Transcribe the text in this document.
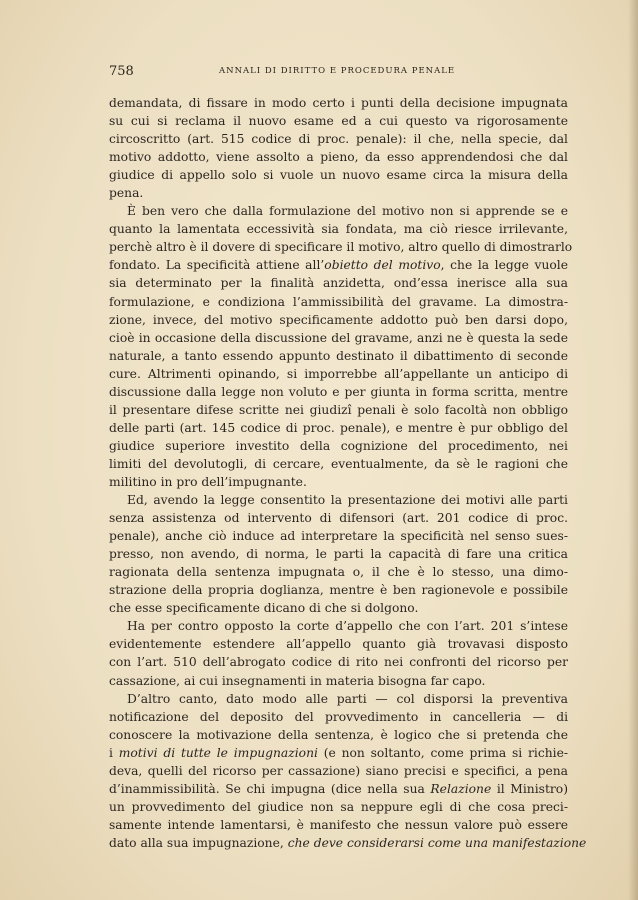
758	ANNALI DI DIRITTO E PROCEDURA PENALE
demandata, di fissare in modo certo i punti della decisione impugnata
su cui si reclama il nuovo esame ed a cui questo va rigorosamente
circoscritto (art. 515 codice di proc. penale): il che, nella specie, dal
motivo addotto, viene assolto a pieno, da esso apprendendosi che dal
giudice di appello solo si vuole un nuovo esame circa la misura della
pena.
È ben vero che dalla formulazione del motivo non si apprende se e
quanto la lamentata eccessività sia fondata, ma ciò riesce irrilevante,
perchè altro è il dovere di specificare il motivo, altro quello di dimostrarlo
fondato. La specificità attiene all’obietto del motivo, che la legge vuole
sia determinato per la finalità anzidetta, ond’essa inerisce alla sua
formulazione, e condiziona l’ammissibilità del gravame. La dimostra-
zione, invece, del motivo specificamente addotto può ben darsi dopo,
cioè in occasione della discussione del gravame, anzi ne è questa la sede
naturale, a tanto essendo appunto destinato il dibattimento di seconde
cure. Altrimenti opinando, si imporrebbe all’appellante un anticipo di
discussione dalla legge non voluto e per giunta in forma scritta, mentre
il presentare difese scritte nei giudizî penali è solo facoltà non obbligo
delle parti (art. 145 codice di proc. penale), e mentre è pur obbligo del
giudice superiore investito della cognizione del procedimento, nei
limiti del devolutogli, di cercare, eventualmente, da sè le ragioni che
militino in pro dell’impugnante.
Ed, avendo la legge consentito la presentazione dei motivi alle parti
senza assistenza od intervento di difensori (art. 201 codice di proc.
penale), anche ciò induce ad interpretare la specificità nel senso sues-
presso, non avendo, di norma, le parti la capacità di fare una critica
ragionata della sentenza impugnata o, il che è lo stesso, una dimo-
strazione della propria doglianza, mentre è ben ragionevole e possibile
che esse specificamente dicano di che si dolgono.
Ha per contro opposto la corte d’appello che con l’art. 201 s’intese
evidentemente estendere all’appello quanto già trovavasi disposto
con l’art. 510 dell’abrogato codice di rito nei confronti del ricorso per
cassazione, ai cui insegnamenti in materia bisogna far capo.
D’altro canto, dato modo alle parti — col disporsi la preventiva
notificazione del deposito del provvedimento in cancelleria — di
conoscere la motivazione della sentenza, è logico che si pretenda che
i motivi di tutte le impugnazioni (e non soltanto, come prima si richie-
deva, quelli del ricorso per cassazione) siano precisi e specifici, a pena
d’inammissibilità. Se chi impugna (dice nella sua Relazione il Ministro)
un provvedimento del giudice non sa neppure egli di che cosa preci-
samente intende lamentarsi, è manifesto che nessun valore può essere
dato alla sua impugnazione, che deve considerarsi come una manifestazione
